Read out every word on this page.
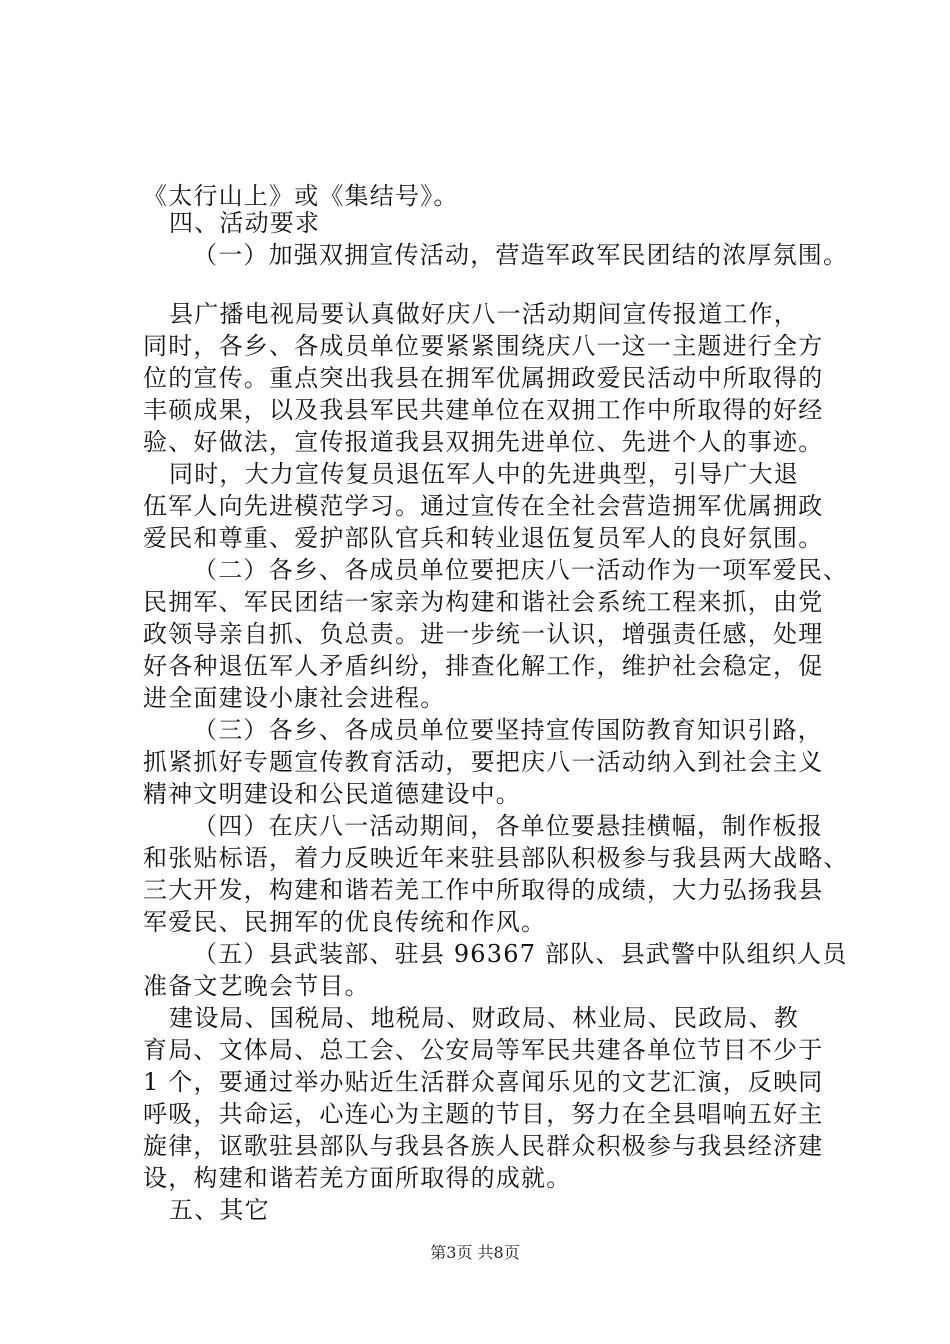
《太行山上》或《集结号》。
四、活动要求
（一）加强双拥宣传活动，营造军政军民团结的浓厚氛围。
县广播电视局要认真做好庆八一活动期间宣传报道工作，
同时，各乡、各成员单位要紧紧围绕庆八一这一主题进行全方
位的宣传。重点突出我县在拥军优属拥政爱民活动中所取得的
丰硕成果，以及我县军民共建单位在双拥工作中所取得的好经
验、好做法，宣传报道我县双拥先进单位、先进个人的事迹。
同时，大力宣传复员退伍军人中的先进典型，引导广大退
伍军人向先进模范学习。通过宣传在全社会营造拥军优属拥政
爱民和尊重、爱护部队官兵和转业退伍复员军人的良好氛围。
（二）各乡、各成员单位要把庆八一活动作为一项军爱民、
民拥军、军民团结一家亲为构建和谐社会系统工程来抓，由党
政领导亲自抓、负总责。进一步统一认识，增强责任感，处理
好各种退伍军人矛盾纠纷，排查化解工作，维护社会稳定，促
进全面建设小康社会进程。
（三）各乡、各成员单位要坚持宣传国防教育知识引路，
抓紧抓好专题宣传教育活动，要把庆八一活动纳入到社会主义
精神文明建设和公民道德建设中。
（四）在庆八一活动期间，各单位要悬挂横幅，制作板报
和张贴标语，着力反映近年来驻县部队积极参与我县两大战略、
三大开发，构建和谐若羌工作中所取得的成绩，大力弘扬我县
军爱民、民拥军的优良传统和作风。
（五）县武装部、驻县 96367 部队、县武警中队组织人员
准备文艺晚会节目。
建设局、国税局、地税局、财政局、林业局、民政局、教
育局、文体局、总工会、公安局等军民共建各单位节目不少于
1 个，要通过举办贴近生活群众喜闻乐见的文艺汇演，反映同
呼吸，共命运，心连心为主题的节目，努力在全县唱响五好主
旋律，讴歌驻县部队与我县各族人民群众积极参与我县经济建
设，构建和谐若羌方面所取得的成就。
五、其它
第3页 共8页
